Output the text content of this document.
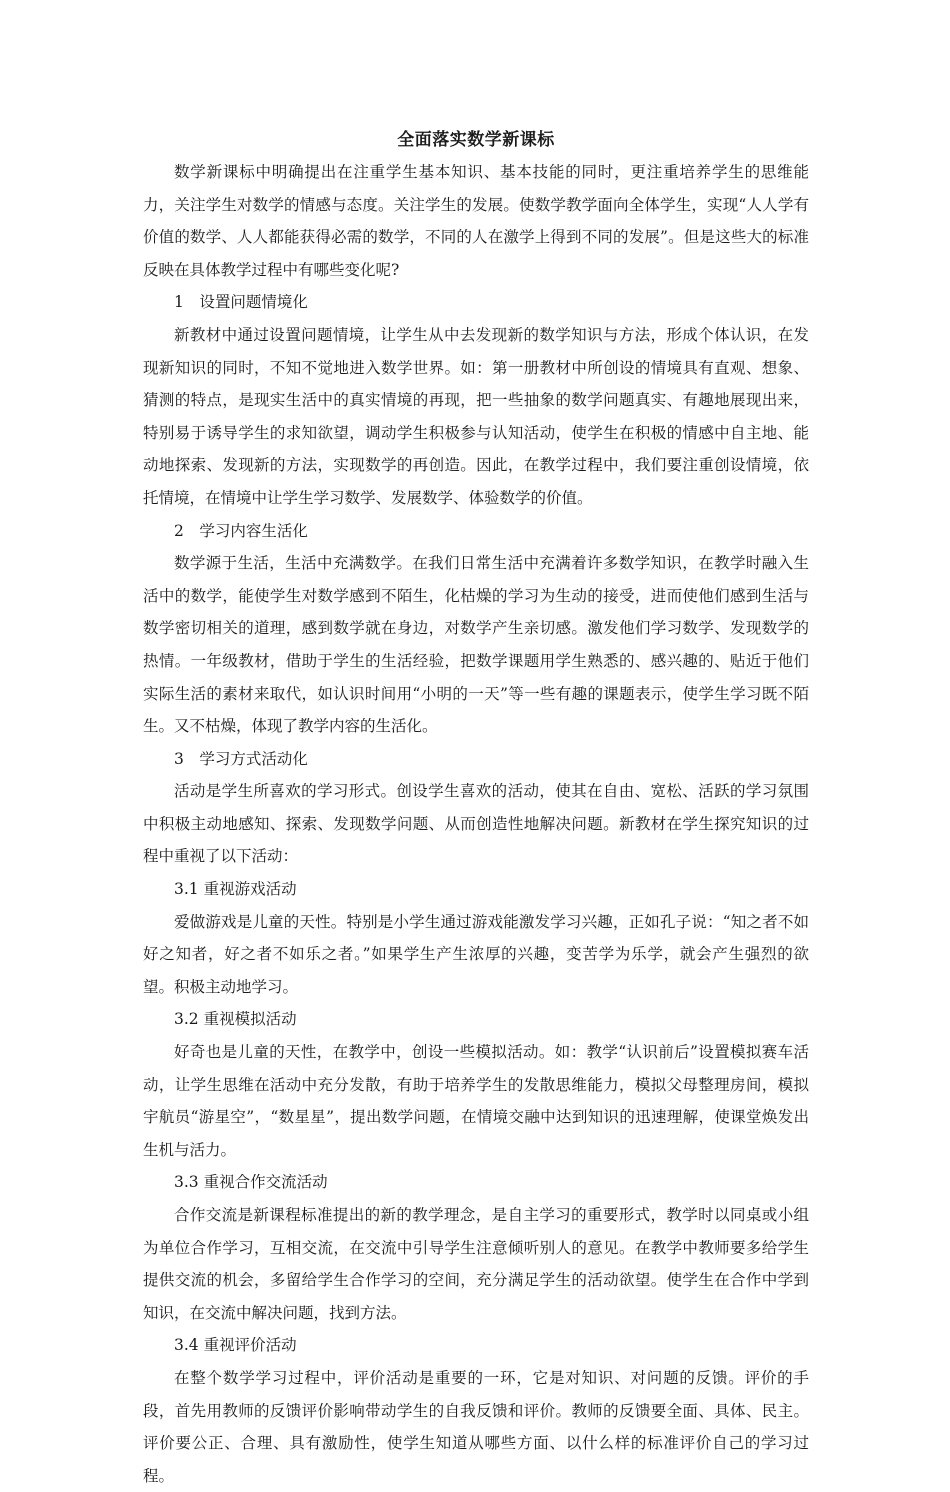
全面落实数学新课标

数学新课标中明确提出在注重学生基本知识、基本技能的同时，更注重培养学生的思维能力，关注学生对数学的情感与态度。关注学生的发展。使数学教学面向全体学生，实现“人人学有价值的数学、人人都能获得必需的数学，不同的人在激学上得到不同的发展”。但是这些大的标准反映在具体教学过程中有哪些变化呢?

1　设置问题情境化

新教材中通过设置问题情境，让学生从中去发现新的数学知识与方法，形成个体认识，在发现新知识的同时，不知不觉地进入数学世界。如：第一册教材中所创设的情境具有直观、想象、猜测的特点，是现实生活中的真实情境的再现，把一些抽象的数学问题真实、有趣地展现出来，特别易于诱导学生的求知欲望，调动学生积极参与认知活动，使学生在积极的情感中自主地、能动地探索、发现新的方法，实现数学的再创造。因此，在教学过程中，我们要注重创设情境，依托情境，在情境中让学生学习数学、发展数学、体验数学的价值。

2　学习内容生活化

数学源于生活，生活中充满数学。在我们日常生活中充满着许多数学知识，在教学时融入生活中的数学，能使学生对数学感到不陌生，化枯燥的学习为生动的接受，进而使他们感到生活与数学密切相关的道理，感到数学就在身边，对数学产生亲切感。激发他们学习数学、发现数学的热情。一年级教材，借助于学生的生活经验，把数学课题用学生熟悉的、感兴趣的、贴近于他们实际生活的素材来取代，如认识时间用“小明的一天”等一些有趣的课题表示，使学生学习既不陌生。又不枯燥，体现了教学内容的生活化。

3　学习方式活动化

活动是学生所喜欢的学习形式。创设学生喜欢的活动，使其在自由、宽松、活跃的学习氛围中积极主动地感知、探索、发现数学问题、从而创造性地解决问题。新教材在学生探究知识的过程中重视了以下活动：

3.1 重视游戏活动

爱做游戏是儿童的天性。特别是小学生通过游戏能激发学习兴趣，正如孔子说：“知之者不如好之知者，好之者不如乐之者。”如果学生产生浓厚的兴趣，变苦学为乐学，就会产生强烈的欲望。积极主动地学习。

3.2 重视模拟活动

好奇也是儿童的天性，在教学中，创设一些模拟活动。如：教学“认识前后”设置模拟赛车活动，让学生思维在活动中充分发散，有助于培养学生的发散思维能力，模拟父母整理房间，模拟宇航员“游星空”，“数星星”，提出数学问题，在情境交融中达到知识的迅速理解，使课堂焕发出生机与活力。

3.3 重视合作交流活动

合作交流是新课程标准提出的新的教学理念，是自主学习的重要形式，教学时以同桌或小组为单位合作学习，互相交流，在交流中引导学生注意倾听别人的意见。在教学中教师要多给学生提供交流的机会，多留给学生合作学习的空间，充分满足学生的活动欲望。使学生在合作中学到知识，在交流中解决问题，找到方法。

3.4 重视评价活动

在整个数学学习过程中，评价活动是重要的一环，它是对知识、对问题的反馈。评价的手段，首先用教师的反馈评价影响带动学生的自我反馈和评价。教师的反馈要全面、具体、民主。评价要公正、合理、具有激励性，使学生知道从哪些方面、以什么样的标准评价自己的学习过程。
